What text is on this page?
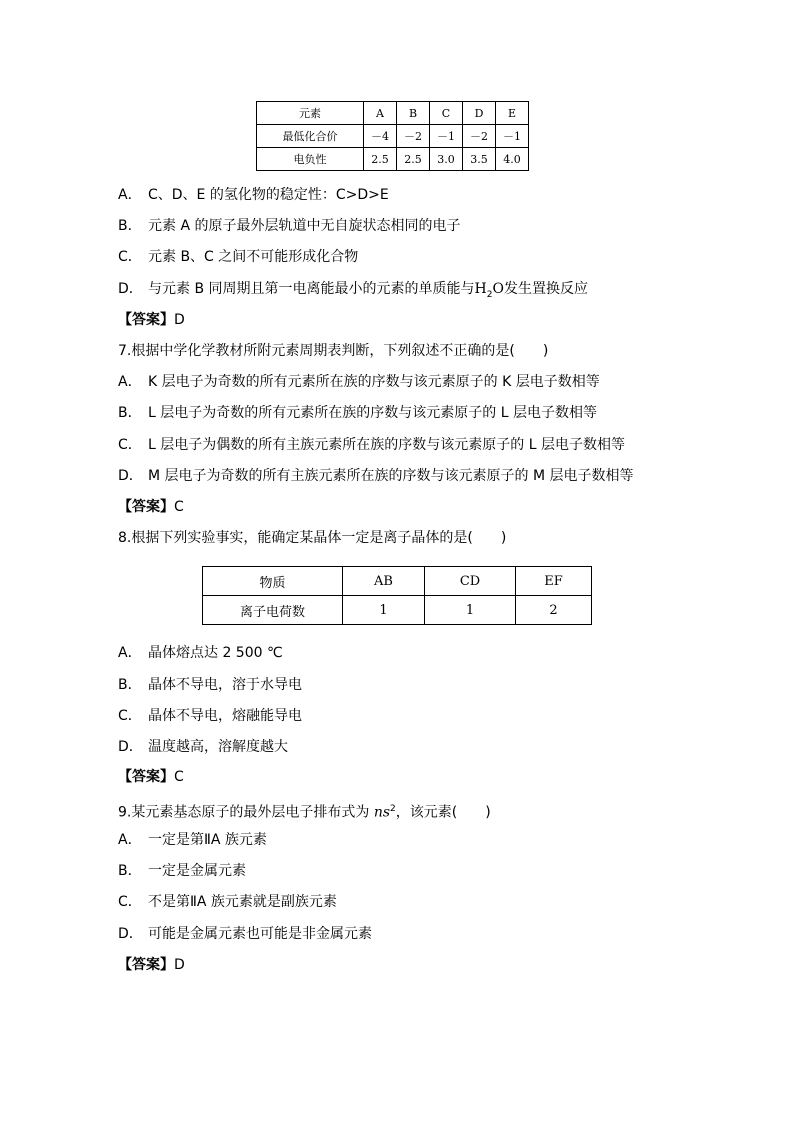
元素	A	B	C	D	E
最低化合价	－4	－2	－1	－2	－1
电负性	2.5	2.5	3.0	3.5	4.0
A． C、D、E 的氢化物的稳定性：C>D>E
B． 元素 A 的原子最外层轨道中无自旋状态相同的电子
C． 元素 B、C 之间不可能形成化合物
D． 与元素 B 同周期且第一电离能最小的元素的单质能与$H_2O$发生置换反应
【答案】D
7.根据中学化学教材所附元素周期表判断，下列叙述不正确的是(　　)
A． K 层电子为奇数的所有元素所在族的序数与该元素原子的 K 层电子数相等
B． L 层电子为奇数的所有元素所在族的序数与该元素原子的 L 层电子数相等
C． L 层电子为偶数的所有主族元素所在族的序数与该元素原子的 L 层电子数相等
D． M 层电子为奇数的所有主族元素所在族的序数与该元素原子的 M 层电子数相等
【答案】C
8.根据下列实验事实，能确定某晶体一定是离子晶体的是(　　)
物质	AB	CD	EF
离子电荷数	1	1	2
A． 晶体熔点达 2 500 ℃
B． 晶体不导电，溶于水导电
C． 晶体不导电，熔融能导电
D． 温度越高，溶解度越大
【答案】C
9.某元素基态原子的最外层电子排布式为 $ns^2$，该元素(　　)
A． 一定是第ⅡA 族元素
B． 一定是金属元素
C． 不是第ⅡA 族元素就是副族元素
D． 可能是金属元素也可能是非金属元素
【答案】D
